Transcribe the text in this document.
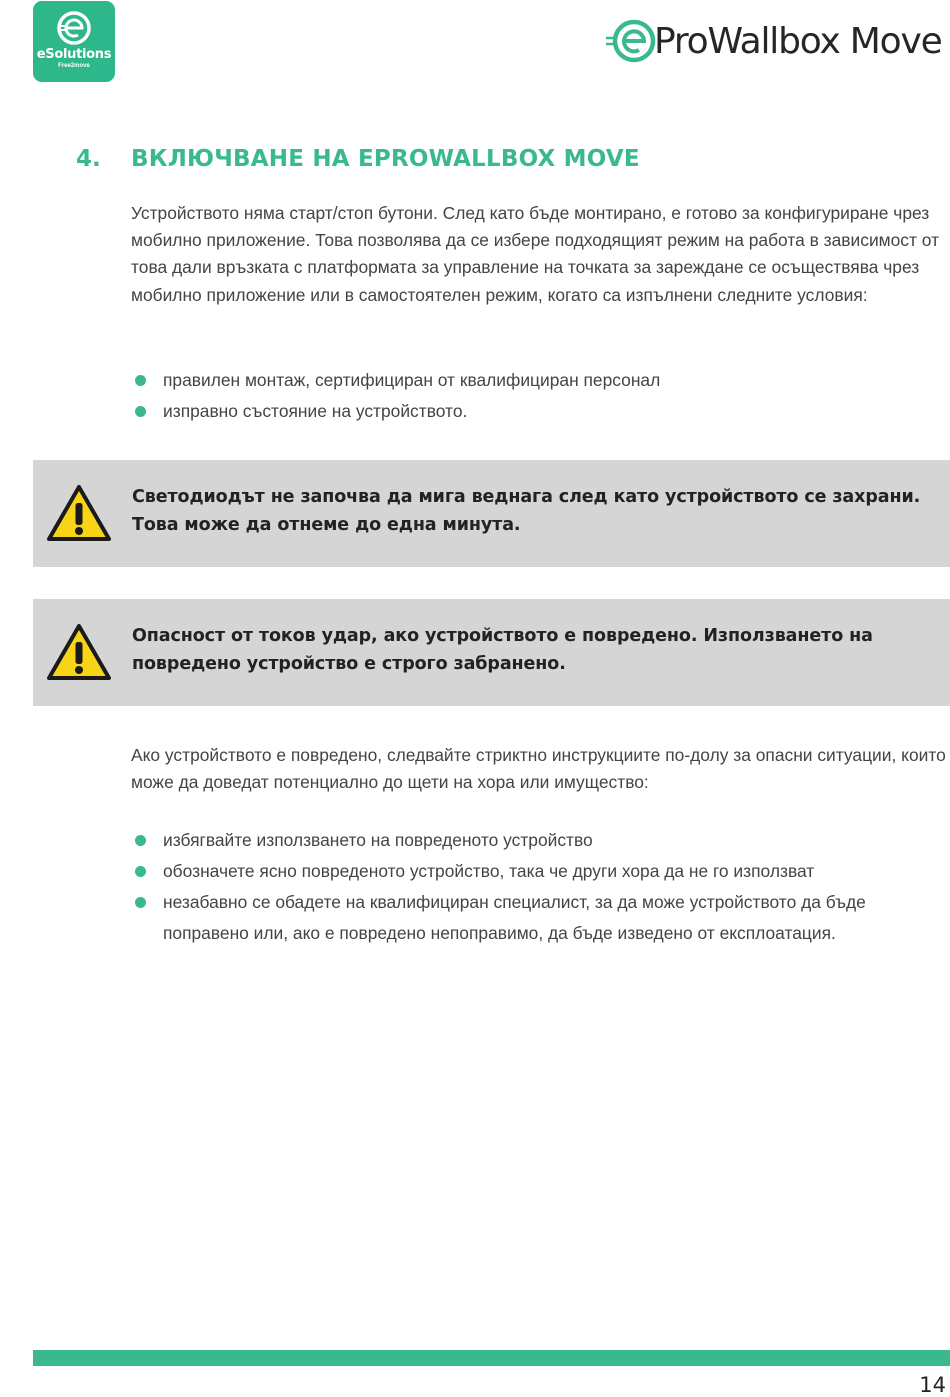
eSolutions
Free2move
ProWallbox Move
4. ВКЛЮЧВАНЕ НА EPROWALLBOX MOVE

Устройството няма старт/стоп бутони. След като бъде монтирано, е готово за конфигуриране чрез мобилно приложение. Това позволява да се избере подходящият режим на работа в зависимост от това дали връзката с платформата за управление на точката за зареждане се осъществява чрез мобилно приложение или в самостоятелен режим, когато са изпълнени следните условия:

правилен монтаж, сертифициран от квалифициран персонал
изправно състояние на устройството.

Светодиодът не започва да мига веднага след като устройството се захрани. Това може да отнеме до една минута.

Опасност от токов удар, ако устройството е повредено. Използването на повредено устройство е строго забранено.

Ако устройството е повредено, следвайте стриктно инструкциите по-долу за опасни ситуации, които може да доведат потенциално до щети на хора или имущество:

избягвайте използването на повреденото устройство
обозначете ясно повреденото устройство, така че други хора да не го използват
незабавно се обадете на квалифициран специалист, за да може устройството да бъде поправено или, ако е повредено непоправимо, да бъде изведено от експлоатация.
14
